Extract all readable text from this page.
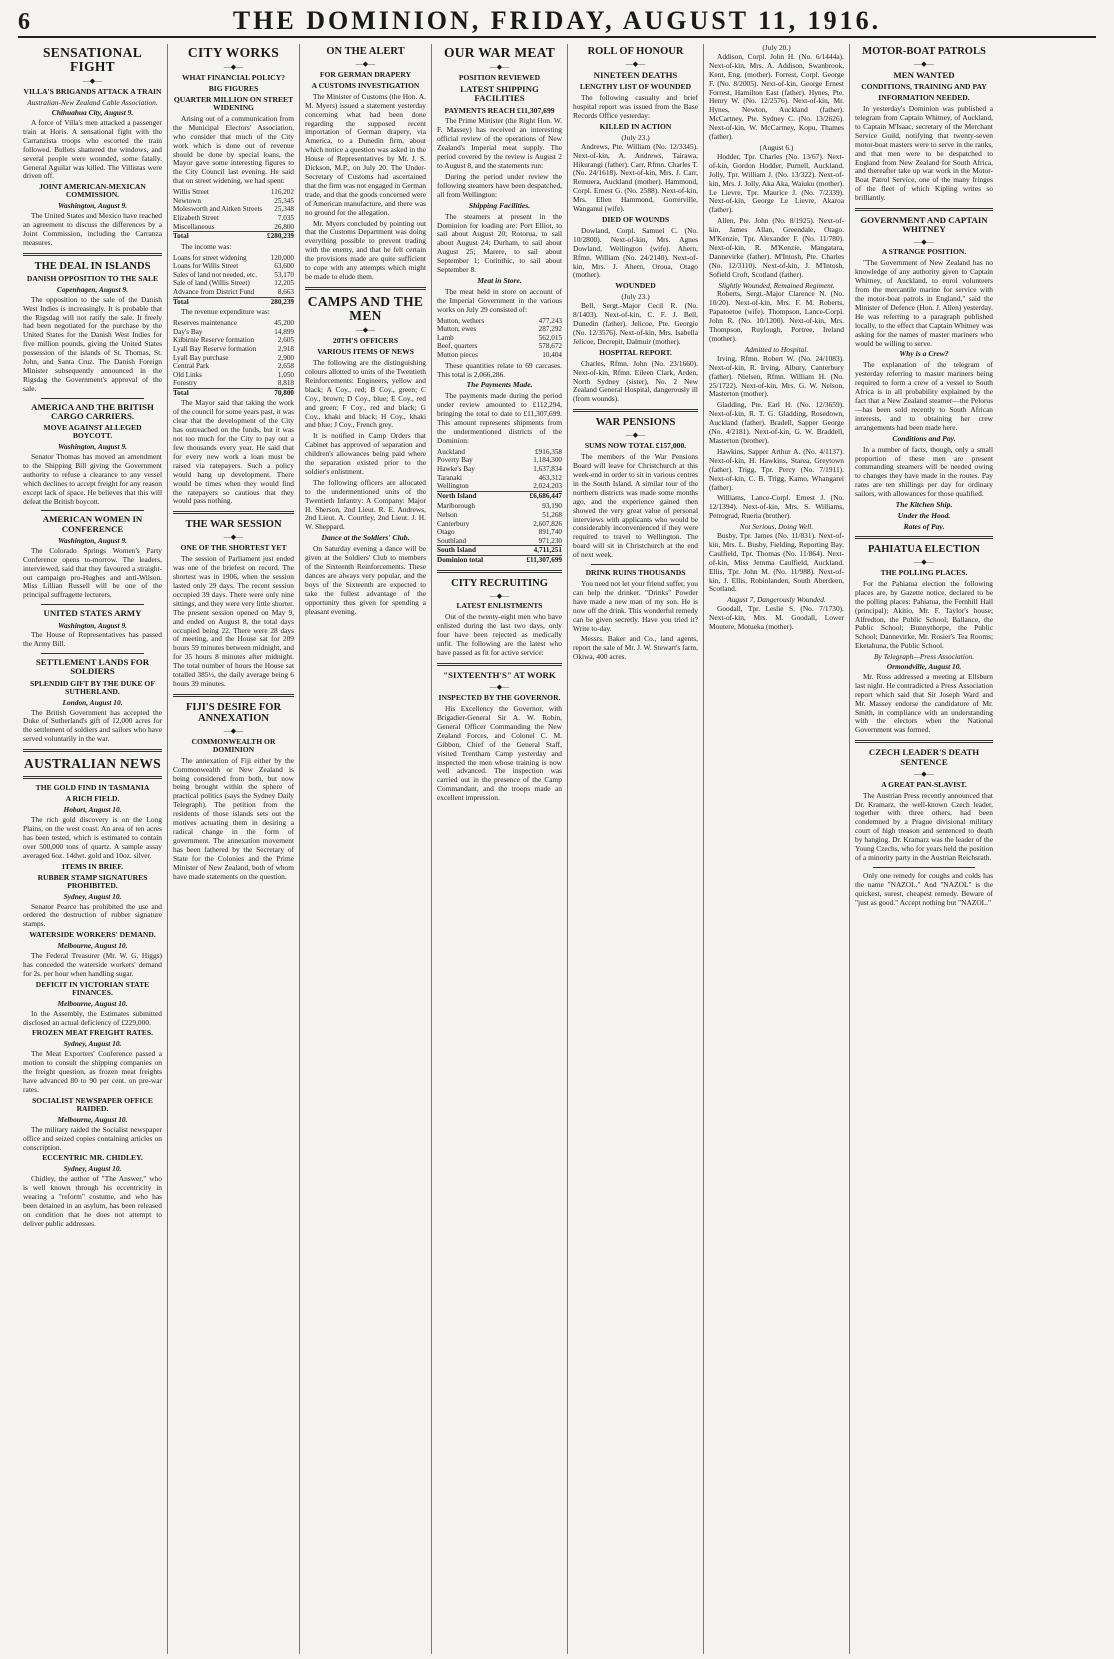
6	THE DOMINION, FRIDAY, AUGUST 11, 1916.
SENSATIONAL FIGHT
—◆—
VILLA'S BRIGANDS ATTACK A TRAIN
Australian-New Zealand Cable Association.
Chihuahua City, August 9.

A force of Villa's men attacked a passenger train at Horis. A sensational fight with the Carranzista troops who escorted the train followed. Bullets shattered the windows, and several people were wounded, some fatally. General Aguilar was killed. The Villistas were driven off.

JOINT AMERICAN-MEXICAN COMMISSION.
Washington, August 9.

The United States and Mexico have reached an agreement to discuss the differences by a Joint Commission, including the Carranza measures.

THE DEAL IN ISLANDS
DANISH OPPOSITION TO THE SALE
Copenhagen, August 9.

The opposition to the sale of the Danish West Indies is increasingly. It is probable that the Rigsdag will not ratify the sale. It freely had been negotiated for the purchase by the United States for the Danish West Indies for five million pounds, giving the United States possession of the islands of St. Thomas, St. John, and Santa Cruz. The Danish Foreign Minister subsequently announced in the Rigsdag the Government's approval of the sale.

AMERICA AND THE BRITISH CARGO CARRIERS.
MOVE AGAINST ALLEGED BOYCOTT.
Washington, August 9.

Senator Thomas has moved an amendment to the Shipping Bill giving the Government authority to refuse a clearance to any vessel which declines to accept freight for any reason except lack of space. He believes that this will defeat the British boycott.

AMERICAN WOMEN IN CONFERENCE
Washington, August 9.

The Colorado Springs Women's Party Conference opens to-morrow. The leaders, interviewed, said that they favoured a straight-out campaign pro-Hughes and anti-Wilson. Miss Lillian Russell will be one of the principal suffragette lecturers.

UNITED STATES ARMY
Washington, August 9.

The House of Representatives has passed the Army Bill.

SETTLEMENT LANDS FOR SOLDIERS
SPLENDID GIFT BY THE DUKE OF SUTHERLAND.
London, August 10.

The British Government has accepted the Duke of Sutherland's gift of 12,000 acres for the settlement of soldiers and sailors who have served voluntarily in the war.

AUSTRALIAN NEWS
THE GOLD FIND IN TASMANIA
A RICH FIELD.
Hobart, August 10.

The rich gold discovery is on the Long Plains, on the west coast. An area of ten acres has been tested, which is estimated to contain over 500,000 tons of quartz. A sample assay averaged 6oz. 14dwt. gold and 10oz. silver.

ITEMS IN BRIEF.
RUBBER STAMP SIGNATURES PROHIBITED.
Sydney, August 10.

Senator Pearce has prohibited the use and ordered the destruction of rubber signature stamps.

WATERSIDE WORKERS' DEMAND.
Melbourne, August 10.

The Federal Treasurer (Mr. W. G. Higgs) has conceded the waterside workers' demand for 2s. per hour when handling sugar.

DEFICIT IN VICTORIAN STATE FINANCES.
Melbourne, August 10.

In the Assembly, the Estimates submitted disclosed an actual deficiency of £229,000.

FROZEN MEAT FREIGHT RATES.
Sydney, August 10.

The Meat Exporters' Conference passed a motion to consult the shipping companies on the freight question, as frozen meat freights have advanced 80 to 90 per cent. on pre-war rates.

SOCIALIST NEWSPAPER OFFICE RAIDED.
Melbourne, August 10.

The military raided the Socialist newspaper office and seized copies containing articles on conscription.

ECCENTRIC MR. CHIDLEY.
Sydney, August 10.

Chidley, the author of "The Answer," who is well known through his eccentricity in wearing a "reform" costume, and who has been detained in an asylum, has been released on condition that he does not attempt to deliver public addresses.

CITY WORKS
—◆—
WHAT FINANCIAL POLICY?
BIG FIGURES
QUARTER MILLION ON STREET WIDENING

Arising out of a communication from the Municipal Electors' Association, who consider that much of the City work which is done out of revenue should be done by special loans, the Mayor gave some interesting figures to the City Council last evening. He said that on street widening, we had spent:

Willis Street	116,202
Newtown	25,345
Molesworth and Aitken Streets	25,348
Elizabeth Street	7,035
Miscellaneous	26,800
Total	£280,239

The income was:

Loans for street widening	120,000
Loans for Willis Street	63,600
Sales of land not needed, etc.	53,170
Sale of land (Willis Street)	12,205
Advance from District Fund	8,663
Total	280,239

The revenue expenditure was:

Reserves maintenance	45,200
Day's Bay	14,899
Kilbirnie Reserve formation	2,605
Lyall Bay Reserve formation	2,918
Lyall Bay purchase	2,900
Central Park	2,658
Old Links	1,050
Forestry	8,818
Total	70,800

The Mayor said that taking the work of the council for some years past, it was clear that the development of the City has outreached on the funds, but it was not too much for the City to pay out a few thousands every year. He said that for every new work a loan must be raised via ratepayers. Such a policy would hang up development. There would be times when they would find the ratepayers so cautious that they would pass nothing.

THE WAR SESSION
—◆—
ONE OF THE SHORTEST YET

The session of Parliament just ended was one of the briefest on record. The shortest was in 1906, when the session lasted only 29 days. The recent session occupied 39 days. There were only nine sittings, and they were very little shorter. The present session opened on May 9, and ended on August 8, the total days occupied being 22. There were 28 days of meeting, and the House sat for 209 hours 59 minutes between midnight, and for 35 hours 8 minutes after midnight. The total number of hours the House sat totalled 385½, the daily average being 6 hours 39 minutes.

FIJI'S DESIRE FOR ANNEXATION
—◆—
COMMONWEALTH OR DOMINION

The annexation of Fiji either by the Commonwealth or New Zealand is being considered from both, but now being brought within the sphere of practical politics (says the Sydney Daily Telegraph). The petition from the residents of those islands sets out the motives actuating them in desiring a radical change in the form of government. The annexation movement has been fathered by the Secretary of State for the Colonies and the Prime Minister of New Zealand, both of whom have made statements on the question.

ON THE ALERT
—◆—
FOR GERMAN DRAPERY
A CUSTOMS INVESTIGATION

The Minister of Customs (the Hon. A. M. Myers) issued a statement yesterday concerning what had been done regarding the supposed recent importation of German drapery, via America, to a Dunedin firm, about which notice a question was asked in the House of Representatives by Mr. J. S. Dickson, M.P., on July 20. The Under-Secretary of Customs had ascertained that the firm was not engaged in German trade, and that the goods concerned were of American manufacture, and there was no ground for the allegation.

Mr. Myers concluded by pointing out that the Customs Department was doing everything possible to prevent trading with the enemy, and that he felt certain the provisions made are quite sufficient to cope with any attempts which might be made to elude them.

CAMPS AND THE MEN
—◆—
20TH'S OFFICERS
VARIOUS ITEMS OF NEWS

The following are the distinguishing colours allotted to units of the Twentieth Reinforcements: Engineers, yellow and black; A Coy., red; B Coy., green; C Coy., brown; D Coy., blue; E Coy., red and green; F Coy., red and black; G Coy., khaki and black; H Coy., khaki and blue; J Coy., French grey.

It is notified in Camp Orders that Cabinet has approved of separation and children's allowances being paid where the separation existed prior to the soldier's enlistment.

The following officers are allocated to the undermentioned units of the Twentieth Infantry: A Company: Major H. Sherson, 2nd Lieut. R. E. Andrews, 2nd Lieut. A. Courtley, 2nd Lieut. J. H. W. Sheppard.

Dance at the Soldiers' Club.

On Saturday evening a dance will be given at the Soldiers' Club to members of the Sixteenth Reinforcements. These dances are always very popular, and the boys of the Sixteenth are expected to take the fullest advantage of the opportunity thus given for spending a pleasant evening.

OUR WAR MEAT
—◆—
POSITION REVIEWED
LATEST SHIPPING FACILITIES
PAYMENTS REACH £11,307,699

The Prime Minister (the Right Hon. W. F. Massey) has received an interesting official review of the operations of New Zealand's Imperial meat supply. The period covered by the review is August 2 to August 8, and the statements run:

During the period under review the following steamers have been despatched, all from Wellington:

Shipping Facilities.

The steamers at present in the Dominion for loading are: Port Elliot, to sail about August 20; Rotorua, to sail about August 24; Durham, to sail about August 25; Marere, to sail about September 1; Corinthic, to sail about September 8.

Meat in Store.

The meat held in store on account of the Imperial Government in the various works on July 29 consisted of:

Mutton, wethers	477,243
Mutton, ewes	287,292
Lamb	562,015
Beef, quarters	578,672
Mutton pieces	10,404

These quantities relate to 69 carcases. This total is 2,066,286.

The Payments Made.

The payments made during the period under review amounted to £112,294, bringing the total to date to £11,307,699. This amount represents shipments from the undermentioned districts of the Dominion:

Auckland	£916,358
Poverty Bay	1,184,300
Hawke's Bay	1,637,834
Taranaki	463,312
Wellington	2,024,203
North Island	£6,686,447
Marlborough	93,190
Nelson	51,268
Canterbury	2,607,826
Otago	891,740
Southland	971,230
South Island	4,711,251
Dominion total	£11,307,699
CITY RECRUITING
—◆—
LATEST ENLISTMENTS

Out of the twenty-eight men who have enlisted during the last two days, only four have been rejected as medically unfit. The following are the latest who have passed as fit for active service:

"SIXTEENTH'S" AT WORK
—◆—
INSPECTED BY THE GOVERNOR.

His Excellency the Governor, with Brigadier-General Sir A. W. Robin, General Officer Commanding the New Zealand Forces, and Colonel C. M. Gibbon, Chief of the General Staff, visited Trentham Camp yesterday and inspected the men whose training is now well advanced. The inspection was carried out in the presence of the Camp Commandant, and the troops made an excellent impression.

ROLL OF HONOUR
—◆—
NINETEEN DEATHS
LENGTHY LIST OF WOUNDED

The following casualty and brief hospital report was issued from the Base Records Office yesterday:

KILLED IN ACTION
(July 23.)

Andrews, Pte. William (No. 12/3345). Next-of-kin, A. Andrews, Tairawa, Hikurangi (father). Carr, Rfmn. Charles T. (No. 24/1618). Next-of-kin, Mrs. J. Carr, Remuera, Auckland (mother). Hammond, Corpl. Ernest G. (No. 2588). Next-of-kin, Mrs. Ellen Hammond, Gorrerville, Wanganui (wife).

DIED OF WOUNDS

Dowland, Corpl. Samuel C. (No. 10/2800). Next-of-kin, Mrs. Agnes Dowland, Wellington (wife). Ahern, Rfmn. William (No. 24/2140). Next-of-kin, Mrs. J. Ahern, Oroua, Otago (mother).

WOUNDED
(July 23.)

Bell, Sergt.-Major Cecil R. (No. 8/1403). Next-of-kin, C. F. J. Bell, Dunedin (father). Jelicoe, Pte. Georgie (No. 12/3576). Next-of-kin, Mrs. Isabella Jelicoe, Decrepit, Dalmuir (mother).

HOSPITAL REPORT.

Charles, Rfmn. John (No. 23/1660). Next-of-kin, Rfmn. Eileen Clark, Arden, North Sydney (sister), No. 2 New Zealand General Hospital, dangerously ill (from wounds).

WAR PENSIONS
—◆—
SUMS NOW TOTAL £157,000.

The members of the War Pensions Board will leave for Christchurch at this week-end in order to sit in various centres in the South Island. A similar tour of the northern districts was made some months ago, and the experience gained then showed the very great value of personal interviews with applicants who would be considerably inconvenienced if they were required to travel to Wellington. The board will sit in Christchurch at the end of next week.

DRINK RUINS THOUSANDS

You need not let your friend suffer, you can help the drinker. "Drinks" Powder have made a new man of my son. He is now off the drink. This wonderful remedy can be given secretly. Have you tried it? Write to-day.

Messrs. Baker and Co., land agents, report the sale of Mr. J. W. Stewart's farm, Okiwa, 400 acres.

(July 20.)

Addison, Corpl. John H. (No. 6/1444a). Next-of-kin, Mrs. A. Addison, Swanbrook, Kent, Eng. (mother). Forrest, Corpl. George F. (No. 8/2005). Next-of-kin, George Ernest Forrest, Hamilton East (father). Hynes, Pte. Henry W. (No. 12/2576). Next-of-kin, Mr. Hynes, Newton, Auckland (father). McCartney, Pte. Sydney C. (No. 13/2626). Next-of-kin, W. McCartney, Kopu, Thames (father).

(August 6.)

Hodder, Tpr. Charles (No. 13/67). Next-of-kin, Gordon Hodder, Purnell, Auckland. Jolly, Tpr. William J. (No. 13/322). Next-of-kin, Mrs. J. Jolly, Aka Aka, Waiuku (mother). Le Lievre, Tpr. Maurice J. (No. 7/2339). Next-of-kin, George Le Lievre, Akaroa (father).

Allen, Pte. John (No. 8/1925). Next-of-kin, James Allan, Greendale, Otago. M'Kenzie, Tpr. Alexander F. (No. 11/780). Next-of-kin, R. M'Kenzie, Mangatara, Dannevirke (father). M'Intosh, Pte. Charles (No. 12/3110). Next-of-kin, J. M'Intosh, Sofield Croft, Scotland (father).

Slightly Wounded, Remained Regiment.

Roberts, Sergt.-Major Clarence N. (No. 10/20). Next-of-kin, Mrs. F. M. Roberts, Papatoetoe (wife). Thompson, Lance-Corpl. John R. (No. 10/1200). Next-of-kin, Mrs. Thompson, Ruylough, Portree, Ireland (mother).

Admitted to Hospital.

Irving, Rfmn. Robert W. (No. 24/1083). Next-of-kin, R. Irving, Albury, Canterbury (father). Nielsen, Rfmn. William H. (No. 25/1722). Next-of-kin, Mrs. G. W. Nelson, Masterton (mother).

Gladding, Pte. Earl H. (No. 12/3659). Next-of-kin, R. T. G. Gladding, Rosedown, Auckland (father). Bradell, Sapper George (No. 4/2181). Next-of-kin, G. W. Braddell, Masterton (brother).

Hawkins, Sapper Arthur A. (No. 4/1137). Next-of-kin, H. Hawkins, Starea, Greytown (father). Trigg, Tpr. Percy (No. 7/1911). Next-of-kin, C. B. Trigg, Kamo, Whangarei (father).

Williams, Lance-Corpl. Ernest J. (No. 12/1394). Next-of-kin, Mrs. S. Williams, Petrograd, Rueria (brother).

Not Serious, Doing Well.

Busby, Tpr. James (No. 11/831). Next-of-kin, Mrs. L. Busby, Fielding, Reporting Bay. Caulfield, Tpr. Thomas (No. 11/864). Next-of-kin, Miss Jemma Caulfield, Auckland. Ellis, Tpr. John M. (No. 11/988). Next-of-kin, J. Ellis, Robinlanden, South Aberdeen, Scotland.

August 7, Dangerously Wounded.

Goodall, Tpr. Leslie S. (No. 7/1730). Next-of-kin, Mrs. M. Goodall, Lower Moutere, Motueka (mother).

MOTOR-BOAT PATROLS
—◆—
MEN WANTED
CONDITIONS, TRAINING AND PAY
INFORMATION NEEDED.

In yesterday's Dominion was published a telegram from Captain Whitney, of Auckland, to Captain M'Isaac, secretary of the Merchant Service Guild, notifying that twenty-seven motor-boat masters were to serve in the ranks, and that men were to be despatched to England from New Zealand for South Africa, and thereafter take up war work in the Motor-Boat Patrol Service, one of the many fringes of the fleet of which Kipling writes so brilliantly.

GOVERNMENT AND CAPTAIN WHITNEY
—◆—
A STRANGE POSITION.

"The Government of New Zealand has no knowledge of any authority given to Captain Whitney, of Auckland, to enrol volunteers from the mercantile marine for service with the motor-boat patrols in England," said the Minister of Defence (Hon. J. Allen) yesterday. He was referring to a paragraph published locally, to the effect that Captain Whitney was asking for the names of master mariners who would be willing to serve.

Why is a Crew?

The explanation of the telegram of yesterday referring to master mariners being required to form a crew of a vessel to South Africa is in all probability explained by the fact that a New Zealand steamer—the Pelorus—has been sold recently to South African interests, and to obtaining her crew arrangements had been made here.

Conditions and Pay.

In a number of facts, though, only a small proportion of these men are present commanding steamers will be needed owing to changes they have made in the routes. Pay rates are ten shillings per day for ordinary sailors, with allowances for those qualified.

The Kitchen Ship.
Under the Hood.
Rates of Pay.
PAHIATUA ELECTION
—◆—
THE POLLING PLACES.

For the Pahiatua election the following places are, by Gazette notice, declared to be the polling places: Pahiatua, the Fernhill Hall (principal); Akitio, Mr. F. Taylor's house; Alfredton, the Public School; Ballance, the Public School; Bunnythorpe, the Public School; Dannevirke, Mr. Rosier's Tea Rooms; Eketahuna, the Public School.

By Telegraph—Press Association.
Ormondville, August 10.

Mr. Ross addressed a meeting at Ellsburn last night. He contradicted a Press Association report which said that Sir Joseph Ward and Mr. Massey endorse the candidature of Mr. Smith, in compliance with an understanding with the electors when the National Government was formed.

CZECH LEADER'S DEATH SENTENCE
—◆—
A GREAT PAN-SLAVIST.

The Austrian Press recently announced that Dr. Kramarz, the well-known Czech leader, together with three others, had been condemned by a Prague divisional military court of high treason and sentenced to death by hanging. Dr. Kramarz was the leader of the Young Czechs, who for years held the position of a minority party in the Austrian Reichsrath.

Only one remedy for coughs and colds has the name "NAZOL." And "NAZOL" is the quickest, surest, cheapest remedy. Beware of "just as good." Accept nothing but "NAZOL."
